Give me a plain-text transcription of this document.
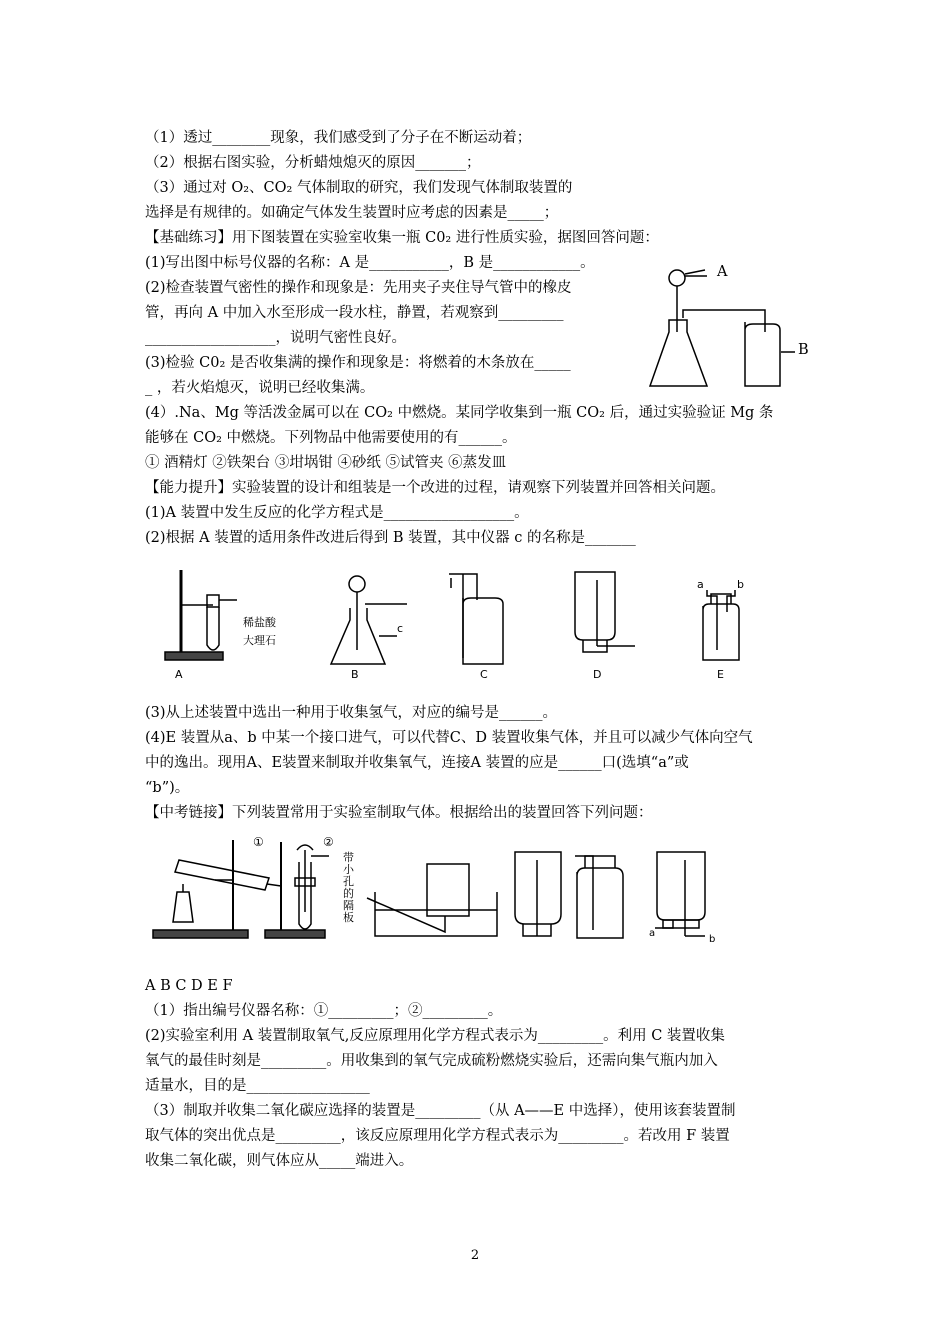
（1）透过________现象，我们感受到了分子在不断运动着；
（2）根据右图实验，分析蜡烛熄灭的原因_______；
（3）通过对 O₂、CO₂ 气体制取的研究，我们发现气体制取装置的
选择是有规律的。如确定气体发生装置时应考虑的因素是_____；
【基础练习】用下图装置在实验室收集一瓶 C0₂ 进行性质实验，据图回答问题：
(1)写出图中标号仪器的名称：A 是___________，B 是____________。
(2)检查装置气密性的操作和现象是：先用夹子夹住导气管中的橡皮
管，再向 A 中加入水至形成一段水柱，静置，若观察到_________
__________________，说明气密性良好。
(3)检验 C0₂ 是否收集满的操作和现象是：将燃着的木条放在_____
_ ，若火焰熄灭，说明已经收集满。
(4）.Na、Mg 等活泼金属可以在 CO₂ 中燃烧。某同学收集到一瓶 CO₂ 后，通过实验验证 Mg 条
能够在 CO₂ 中燃烧。下列物品中他需要使用的有______。
① 酒精灯 ②铁架台 ③坩埚钳 ④砂纸 ⑤试管夹 ⑥蒸发皿
【能力提升】实验装置的设计和组装是一个改进的过程，请观察下列装置并回答相关问题。
(1)A 装置中发生反应的化学方程式是__________________。
(2)根据 A 装置的适用条件改进后得到 B 装置，其中仪器 c 的名称是_______
(3)从上述装置中选出一种用于收集氢气，对应的编号是______。
(4)E 装置从a、b 中某一个接口进气，可以代替C、D 装置收集气体，并且可以减少气体向空气
中的逸出。现用A、E装置来制取并收集氧气，连接A 装置的应是______口(选填“a”或
“b”)。
【中考链接】下列装置常用于实验室制取气体。根据给出的装置回答下列问题：
A B C D E F
（1）指出编号仪器名称：①_________；②_________。
(2)实验室利用 A 装置制取氧气,反应原理用化学方程式表示为_________。利用 C 装置收集
氧气的最佳时刻是_________。用收集到的氧气完成硫粉燃烧实验后，还需向集气瓶内加入
适量水，目的是_________________
（3）制取并收集二氧化碳应选择的装置是_________（从 A——E 中选择），使用该套装置制
取气体的突出优点是_________，该反应原理用化学方程式表示为_________。若改用 F 装置
收集二氧化碳，则气体应从_____端进入。
A
B
A	B	C	D	E
稀盐酸
大理石
c
a	b
①	②
a
b
带小孔的隔板
2
